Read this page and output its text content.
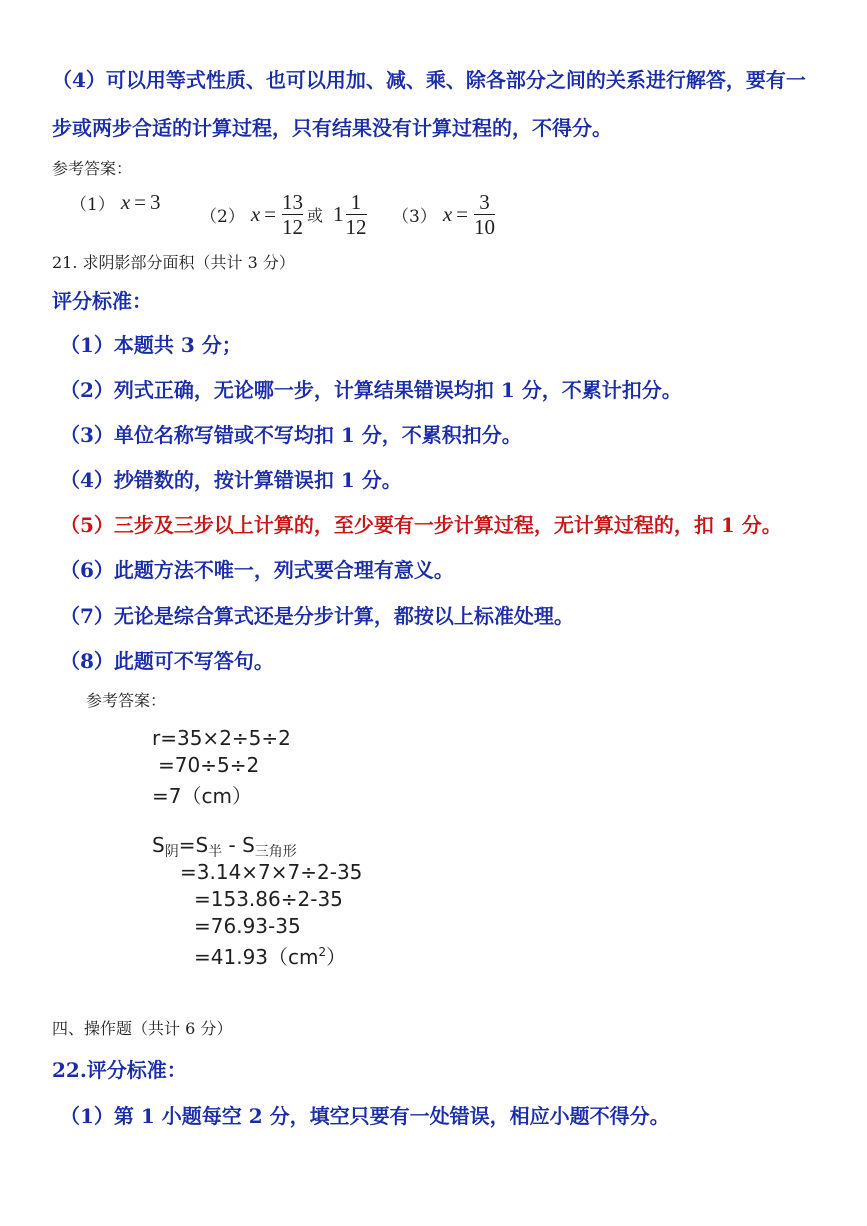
（4）可以用等式性质、也可以用加、减、乘、除各部分之间的关系进行解答，要有一
步或两步合适的计算过程，只有结果没有计算过程的，不得分。
参考答案：
（1） x = 3
（2） $x = \frac{13}{12}$ 或 $1 \frac{1}{12} (3) x = \frac{3}{10}$
21. 求阴影部分面积（共计 3 分）
评分标准：
（1）本题共 3 分；
（2）列式正确，无论哪一步，计算结果错误均扣 1 分，不累计扣分。
（3）单位名称写错或不写均扣 1 分，不累积扣分。
（4）抄错数的，按计算错误扣 1 分。
（5）三步及三步以上计算的，至少要有一步计算过程，无计算过程的，扣 1 分。
（6）此题方法不唯一，列式要合理有意义。
（7）无论是综合算式还是分步计算，都按以上标准处理。
（8）此题可不写答句。
参考答案：
r=35×2÷5÷2
=70÷5÷2
=7（cm）
$S_阴=S_半 - S_{三角形}$
=3.14×7×7÷2-35
=153.86÷2-35
=76.93-35
$=41.93(cm^2)$
四、操作题（共计 6 分）
22.评分标准：
（1）第 1 小题每空 2 分，填空只要有一处错误，相应小题不得分。
